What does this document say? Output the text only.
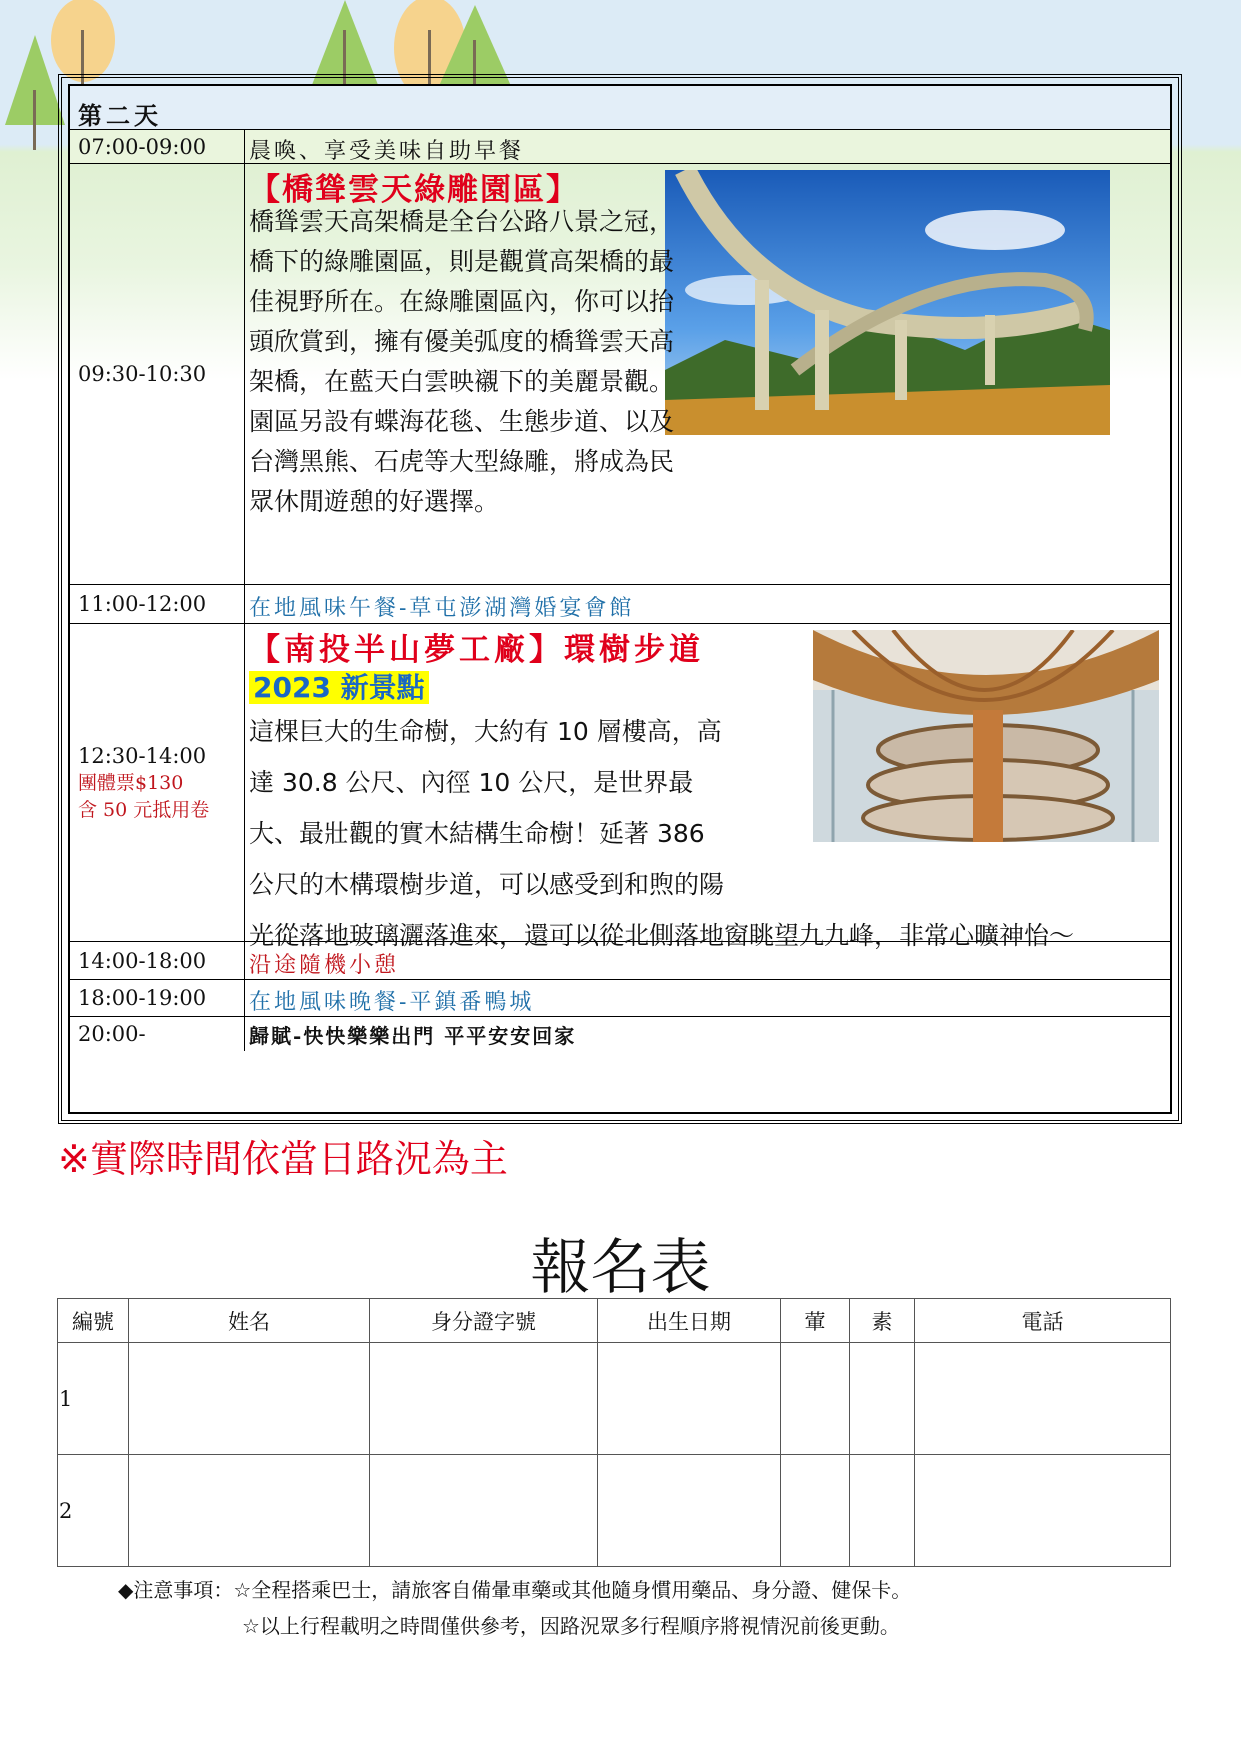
第二天
07:00-09:00	晨喚、享受美味自助早餐
09:30-10:30
【橋聳雲天綠雕園區】
橋聳雲天高架橋是全台公路八景之冠，橋下的綠雕園區，則是觀賞高架橋的最佳視野所在。在綠雕園區內，你可以抬頭欣賞到，擁有優美弧度的橋聳雲天高架橋，在藍天白雲映襯下的美麗景觀。園區另設有蝶海花毯、生態步道、以及台灣黑熊、石虎等大型綠雕，將成為民眾休閒遊憩的好選擇。
11:00-12:00	在地風味午餐-草屯澎湖灣婚宴會館
12:30-14:00
團體票$130
含 50 元抵用卷
【南投半山夢工廠】環樹步道
2023 新景點
這棵巨大的生命樹，大約有 10 層樓高，高達 30.8 公尺、內徑 10 公尺，是世界最大、最壯觀的實木結構生命樹！延著 386 公尺的木構環樹步道，可以感受到和煦的陽光從落地玻璃灑落進來，還可以從北側落地窗眺望九九峰，非常心曠神怡～
14:00-18:00	沿途隨機小憩
18:00-19:00	在地風味晚餐-平鎮番鴨城
20:00-	歸賦-快快樂樂出門 平平安安回家
※實際時間依當日路況為主
報名表
編號	姓名	身分證字號	出生日期	葷	素	電話
1						
2						
◆注意事項：☆全程搭乘巴士，請旅客自備暈車藥或其他隨身慣用藥品、身分證、健保卡。
☆以上行程載明之時間僅供參考，因路況眾多行程順序將視情況前後更動。
